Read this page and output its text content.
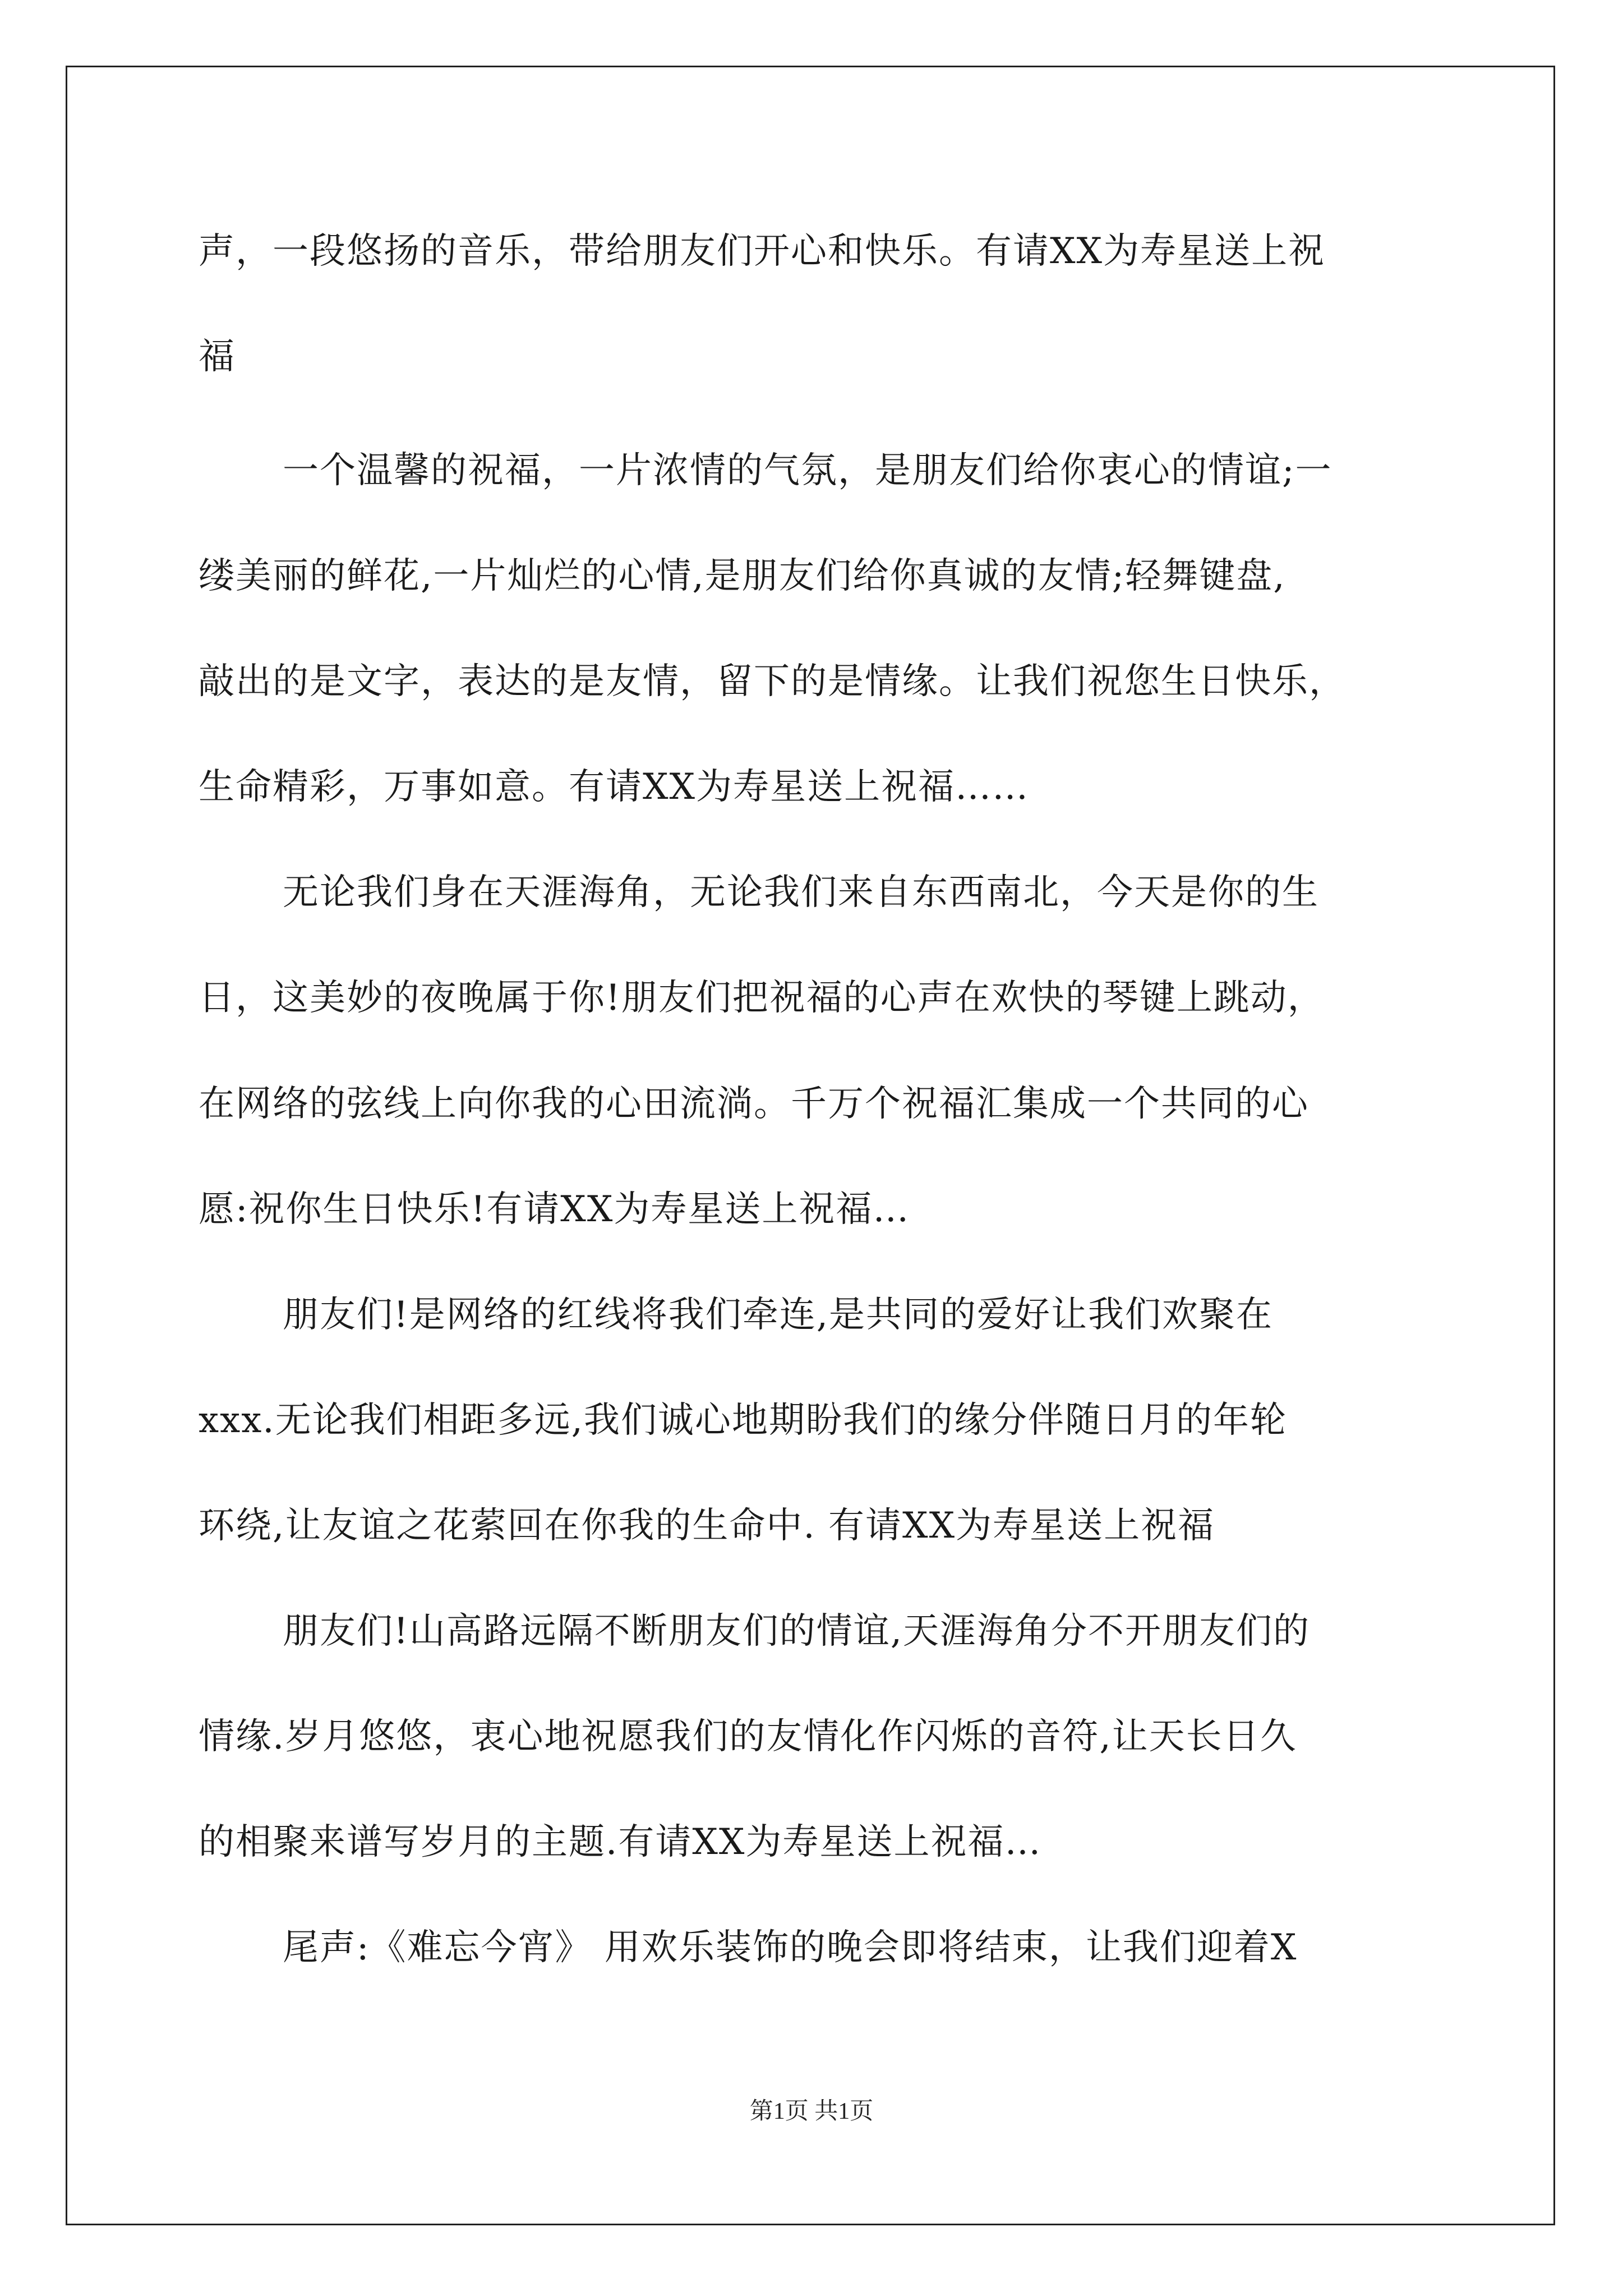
声，一段悠扬的音乐，带给朋友们开心和快乐。有请XX为寿星送上祝
福
一个温馨的祝福，一片浓情的气氛，是朋友们给你衷心的情谊;一
缕美丽的鲜花,一片灿烂的心情,是朋友们给你真诚的友情;轻舞键盘,
敲出的是文字，表达的是友情，留下的是情缘。让我们祝您生日快乐，
生命精彩，万事如意。有请XX为寿星送上祝福……
无论我们身在天涯海角，无论我们来自东西南北，今天是你的生
日，这美妙的夜晚属于你!朋友们把祝福的心声在欢快的琴键上跳动，
在网络的弦线上向你我的心田流淌。千万个祝福汇集成一个共同的心
愿:祝你生日快乐!有请XX为寿星送上祝福…
朋友们!是网络的红线将我们牵连,是共同的爱好让我们欢聚在
xxx.无论我们相距多远,我们诚心地期盼我们的缘分伴随日月的年轮
环绕,让友谊之花萦回在你我的生命中. 有请XX为寿星送上祝福
朋友们!山高路远隔不断朋友们的情谊,天涯海角分不开朋友们的
情缘.岁月悠悠，衷心地祝愿我们的友情化作闪烁的音符,让天长日久
的相聚来谱写岁月的主题.有请XX为寿星送上祝福…
尾声:《难忘今宵》 用欢乐装饰的晚会即将结束，让我们迎着X
第1页 共1页
